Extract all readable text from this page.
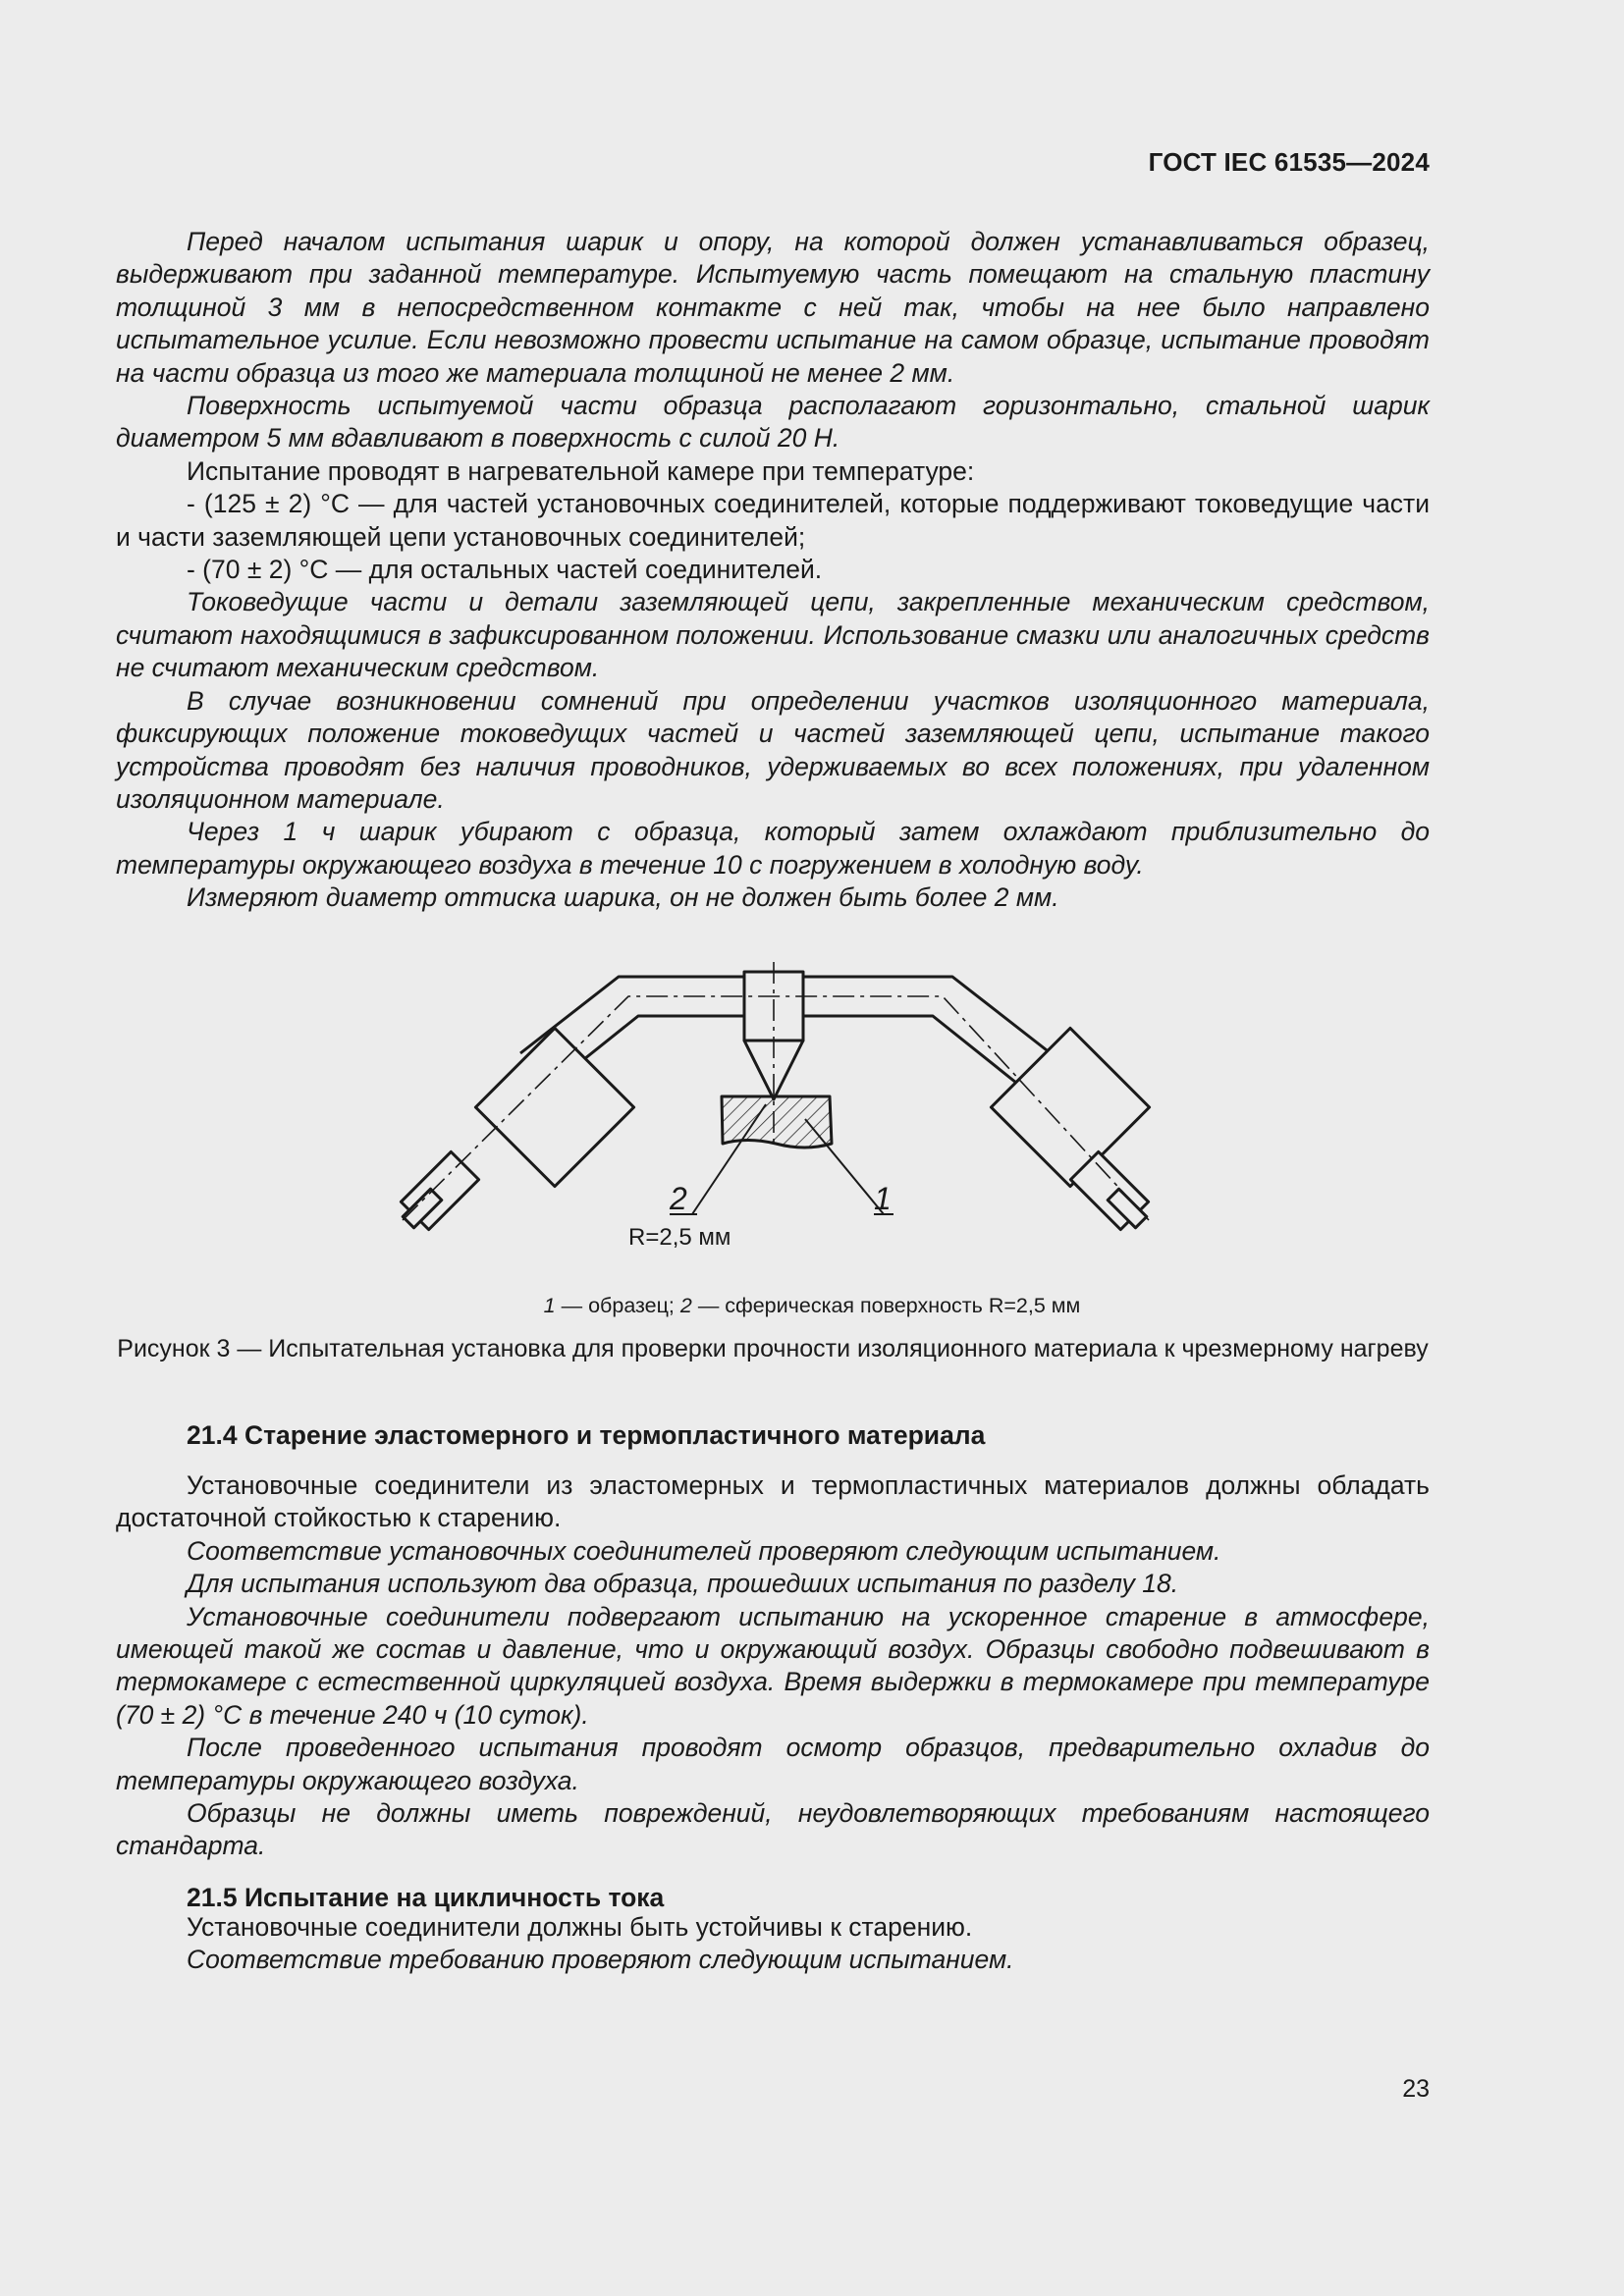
ГОСТ IEC 61535—2024

Перед началом испытания шарик и опору, на которой должен устанавливаться образец, выдерживают при заданной температуре. Испытуемую часть помещают на стальную пластину толщиной 3 мм в непосредственном контакте с ней так, чтобы на нее было направлено испытательное усилие. Если невозможно провести испытание на самом образце, испытание проводят на части образца из того же материала толщиной не менее 2 мм.

Поверхность испытуемой части образца располагают горизонтально, стальной шарик диаметром 5 мм вдавливают в поверхность с силой 20 Н.

Испытание проводят в нагревательной камере при температуре:

- (125 ± 2) °С — для частей установочных соединителей, которые поддерживают токоведущие части и части заземляющей цепи установочных соединителей;

- (70 ± 2) °С — для остальных частей соединителей.

Токоведущие части и детали заземляющей цепи, закрепленные механическим средством, считают находящимися в зафиксированном положении. Использование смазки или аналогичных средств не считают механическим средством.

В случае возникновении сомнений при определении участков изоляционного материала, фиксирующих положение токоведущих частей и частей заземляющей цепи, испытание такого устройства проводят без наличия проводников, удерживаемых во всех положениях, при удаленном изоляционном материале.

Через 1 ч шарик убирают с образца, который затем охлаждают приблизительно до температуры окружающего воздуха в течение 10 с погружением в холодную воду.

Измеряют диаметр оттиска шарика, он не должен быть более 2 мм.

2	1
R=2,5 мм
1 — образец; 2 — сферическая поверхность R=2,5 мм
Рисунок 3 — Испытательная установка для проверки прочности изоляционного материала к чрезмерному нагреву
21.4 Старение эластомерного и термопластичного материала

Установочные соединители из эластомерных и термопластичных материалов должны обладать достаточной стойкостью к старению.

Соответствие установочных соединителей проверяют следующим испытанием.

Для испытания используют два образца, прошедших испытания по разделу 18.

Установочные соединители подвергают испытанию на ускоренное старение в атмосфере, имеющей такой же состав и давление, что и окружающий воздух. Образцы свободно подвешивают в термокамере с естественной циркуляцией воздуха. Время выдержки в термокамере при температуре (70 ± 2) °С в течение 240 ч (10 суток).

После проведенного испытания проводят осмотр образцов, предварительно охладив до температуры окружающего воздуха.

Образцы не должны иметь повреждений, неудовлетворяющих требованиям настоящего стандарта.

21.5 Испытание на цикличность тока

Установочные соединители должны быть устойчивы к старению.

Соответствие требованию проверяют следующим испытанием.

23
